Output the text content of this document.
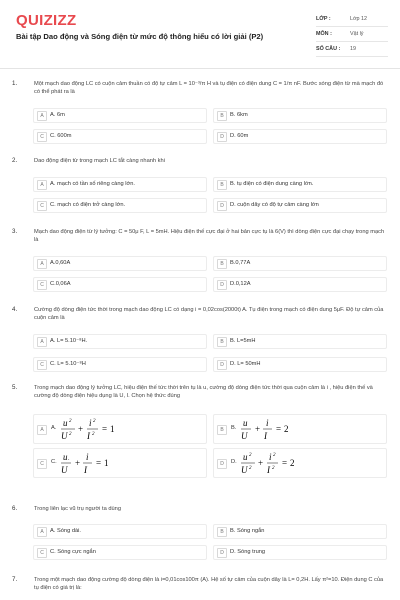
QUIZIZZ
Bài tập Dao động và Sóng điện từ mức độ thông hiểu có lời giải (P2)
LỚP :	Lớp 12
MÔN :	Vật lý
SỐ CÂU : 19
1.	Một mạch dao động LC có cuộn cảm thuần có độ tự cảm L = 10⁻³/π H và tụ điện có điện dung C = 1/π nF. Bước sóng điện từ mà mạch đó có thể phát ra là
A	A. 6m	B	B. 6km
C	C. 600m	D	D. 60m
2.	Dao động điện từ trong mạch LC tắt càng nhanh khi
A	A. mạch có tần số riêng càng lớn.	B	B. tụ điện có điện dung càng lớn.
C	C. mạch có điện trở càng lớn.	D	D. cuộn dây có độ tự cảm càng lớn
3.	Mạch dao động điện từ lý tưởng: C = 50μ F, L = 5mH. Hiệu điện thế cực đại ở hai bản cực tụ là 6(V) thì dòng điện cực đại chạy trong mạch là
A	A.0,60A	B	B.0,77A
C	C.0,06A	D	D.0,12A
4.	Cường độ dòng điện tức thời trong mạch dao động LC có dạng i = 0,02cos(2000t) A. Tụ điện trong mạch có điện dung 5μF. Độ tự cảm của cuộn cảm là
A	A. L= 5.10⁻⁸H.	B	B. L=5mH
C	C. L= 5.10⁻⁸H	D	D. L= 50mH
5.	Trong mạch dao động lý tưởng LC, hiệu điện thế tức thời trên tụ là u, cường độ dòng điện tức thời qua cuộn cảm là i , hiệu điện thế và cường độ dòng điện hiệu dụng là U, I. Chọn hệ thức đúng
A	A. u 2
U 2
+
i 2
I 2
= 1	B	B. u
U
+
i
I
= 2
C	C. u .
U
+
i
I
= 1	D	D. u 2
U 2
+
i 2
I 2
= 2
6.	Trong liên lạc vũ trụ người ta dùng
A	A. Sóng dài.	B	B. Sóng ngắn
C	C. Sóng cực ngắn	D	D. Sóng trung
7.	Trong một mạch dao động cường độ dòng điện là i=0,01cos100π (A). Hệ số tự cảm của cuộn dây là L= 0,2H. Lấy π²=10. Điện dung C của tụ điện có giá trị là:
